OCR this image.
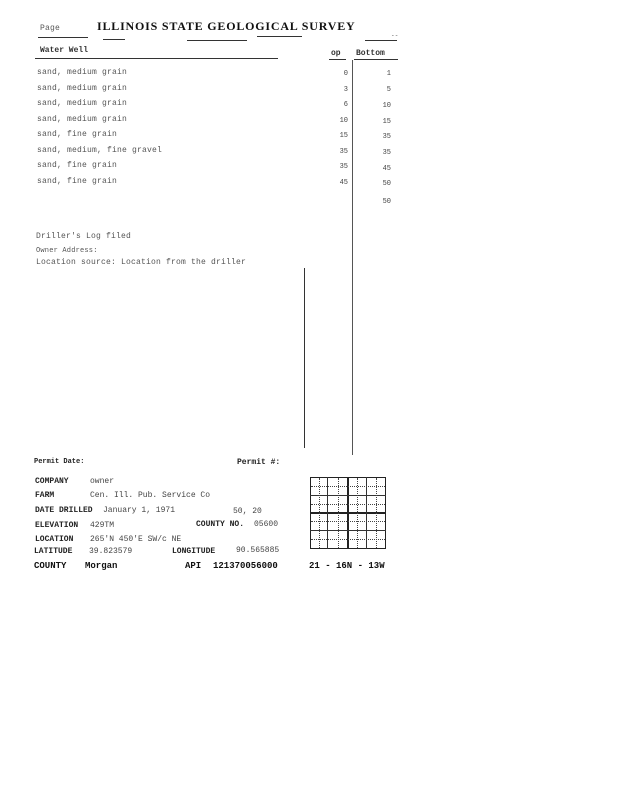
Page	ILLINOIS STATE GEOLOGICAL SURVEY
--
Water Well	op Bottom
sand, medium grain	0	1
sand, medium grain	3	5
sand, medium grain	6	10
sand, medium grain	10	15
sand, fine grain	15	35
sand, medium, fine gravel	35	35
sand, fine grain	35	45
sand, fine grain	45	50
50
Driller's Log filed
Owner Address:
Location source: Location from the driller
Permit Date:	Permit #:
COMPANY	owner
FARM	Cen. Ill. Pub. Service Co
DATE DRILLED January 1, 1971	50, 20
ELEVATION 429TM	COUNTY NO. 05600
LOCATION 265'N 450'E SW/c NE
LATITUDE 39.823579	LONGITUDE	90.565885
COUNTY Morgan	API 121370056000	21 - 16N - 13W
